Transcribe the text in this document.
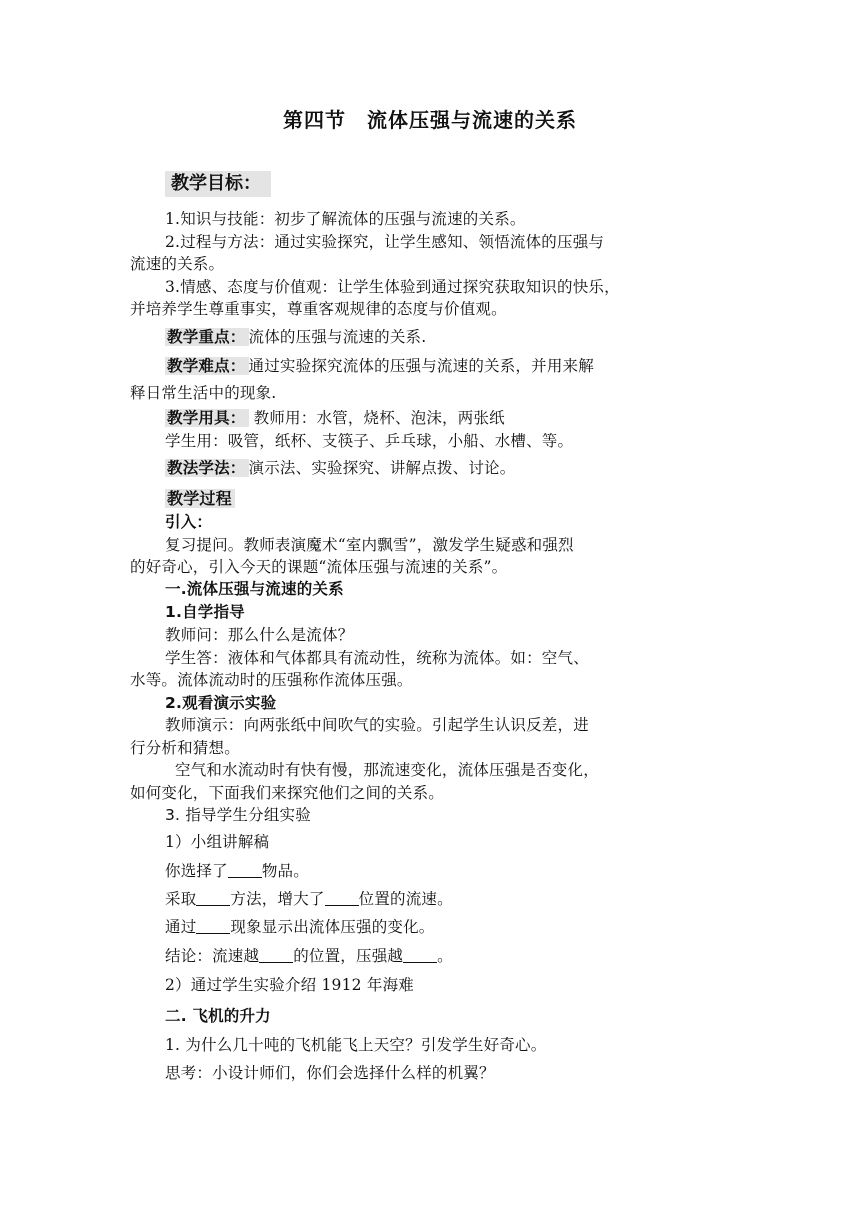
第四节　流体压强与流速的关系
教学目标：
1.知识与技能：初步了解流体的压强与流速的关系。
2.过程与方法：通过实验探究，让学生感知、领悟流体的压强与
流速的关系。
3.情感、态度与价值观：让学生体验到通过探究获取知识的快乐，
并培养学生尊重事实，尊重客观规律的态度与价值观。
教学重点： 流体的压强与流速的关系.
教学难点： 通过实验探究流体的压强与流速的关系，并用来解
释日常生活中的现象.
教学用具： 教师用：水管，烧杯、泡沫，两张纸
学生用：吸管，纸杯、支筷子、乒乓球，小船、水槽、等。
教法学法： 演示法、实验探究、讲解点拨、讨论。
教学过程
引入：
复习提问。教师表演魔术“室内飘雪”，激发学生疑惑和强烈
的好奇心，引入今天的课题“流体压强与流速的关系”。
一.流体压强与流速的关系
1.自学指导
教师问：那么什么是流体？
学生答：液体和气体都具有流动性，统称为流体。如：空气、
水等。流体流动时的压强称作流体压强。
2.观看演示实验
教师演示：向两张纸中间吹气的实验。引起学生认识反差，进
行分析和猜想。
空气和水流动时有快有慢，那流速变化，流体压强是否变化，
如何变化，下面我们来探究他们之间的关系。
3. 指导学生分组实验
1）小组讲解稿
你选择了 物品。
采取 方法，增大了 位置的流速。
通过 现象显示出流体压强的变化。
结论：流速越 的位置，压强越 。
2）通过学生实验介绍 1912 年海难
二. 飞机的升力
1. 为什么几十吨的飞机能飞上天空？引发学生好奇心。
思考：小设计师们，你们会选择什么样的机翼？
